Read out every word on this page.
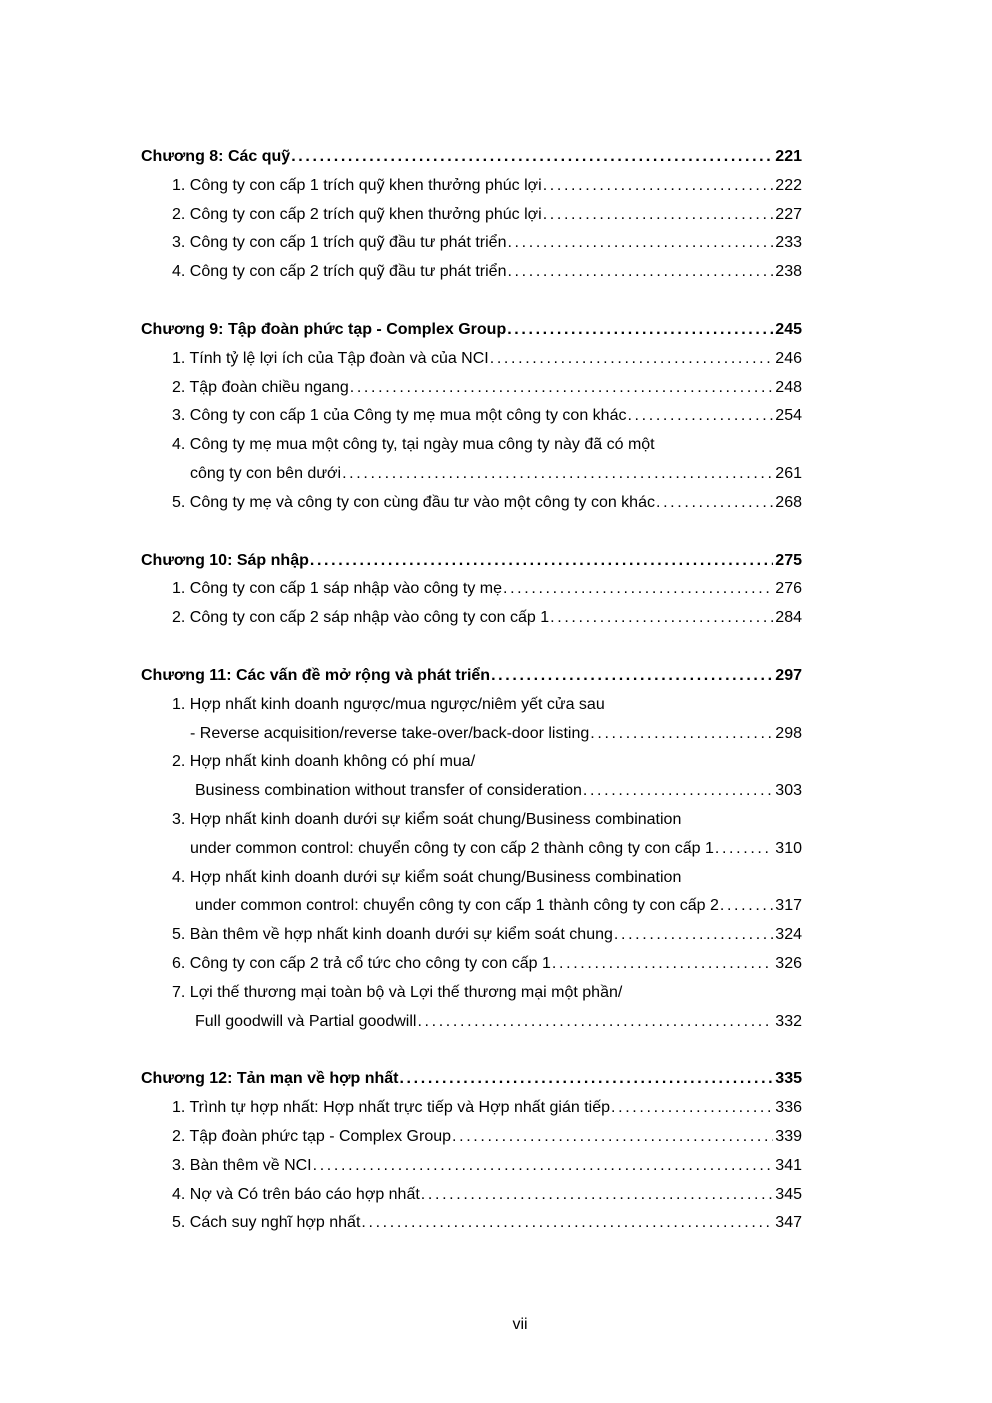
Chương 8: Các quỹ . . .	221
1. Công ty con cấp 1 trích quỹ khen thưởng phúc lợi . . .	222
2. Công ty con cấp 2 trích quỹ khen thưởng phúc lợi . . .	227
3. Công ty con cấp 1 trích quỹ đầu tư phát triển . . .	233
4. Công ty con cấp 2 trích quỹ đầu tư phát triển . . .	238
Chương 9: Tập đoàn phức tạp - Complex Group . . .	245
1. Tính tỷ lệ lợi ích của Tập đoàn và của NCI . . .	246
2. Tập đoàn chiều ngang . . .	248
3. Công ty con cấp 1 của Công ty mẹ mua một công ty con khác . . .	254
4. Công ty mẹ mua một công ty, tại ngày mua công ty này đã có một
công ty con bên dưới . . .	261
5. Công ty mẹ và công ty con cùng đầu tư vào một công ty con khác . . .	268
Chương 10: Sáp nhập . . .	275
1. Công ty con cấp 1 sáp nhập vào công ty mẹ . . .	276
2. Công ty con cấp 2 sáp nhập vào công ty con cấp 1 . . .	284
Chương 11: Các vấn đề mở rộng và phát triển . . .	297
1. Hợp nhất kinh doanh ngược/mua ngược/niêm yết cửa sau
- Reverse acquisition/reverse take-over/back-door listing . . .	298
2. Hợp nhất kinh doanh không có phí mua/
Business combination without transfer of consideration . . .	303
3. Hợp nhất kinh doanh dưới sự kiểm soát chung/Business combination
under common control: chuyển công ty con cấp 2 thành công ty con cấp 1 . . .	310
4. Hợp nhất kinh doanh dưới sự kiểm soát chung/Business combination
under common control: chuyển công ty con cấp 1 thành công ty con cấp 2 . . .	317
5. Bàn thêm về hợp nhất kinh doanh dưới sự kiểm soát chung . . .	324
6. Công ty con cấp 2 trả cổ tức cho công ty con cấp 1 . . .	326
7. Lợi thế thương mại toàn bộ và Lợi thế thương mại một phần/
Full goodwill và Partial goodwill . . .	332
Chương 12: Tản mạn về hợp nhất . . .	335
1. Trình tự hợp nhất: Hợp nhất trực tiếp và Hợp nhất gián tiếp . . .	336
2. Tập đoàn phức tạp - Complex Group . . .	339
3. Bàn thêm về NCI . . .	341
4. Nợ và Có trên báo cáo hợp nhất . . .	345
5. Cách suy nghĩ hợp nhất . . .	347
vii
